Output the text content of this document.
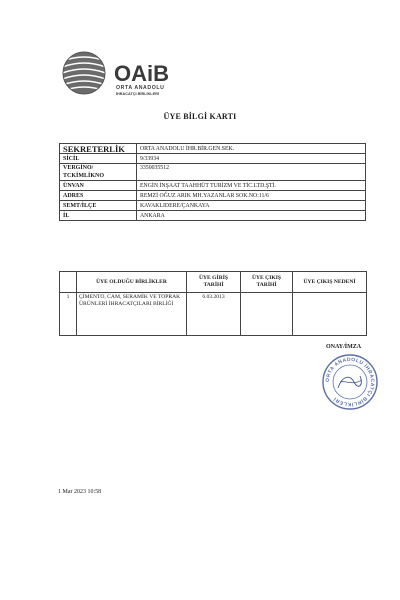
OAiB
ORTA ANADOLU
İHRACATÇI BİRLİKLERİ
ÜYE BİLGİ KARTI
SEKRETERLİK	ORTA ANADOLU İHR.BİR.GEN.SEK.
SİCİL	9/33934
VERGİNO/ TCKİMLİKNO	3350035512
ÜNVAN	ENGİN İNŞAAT TAAHHÜT TURİZM VE TİC.LTD.ŞTİ.
ADRES	REMZİ OĞUZ ARIK MH.YAZANLAR SOK.NO:11/6
SEMT/İLÇE	KAVAKLIDERE/ÇANKAYA
İL	ANKARA
	ÜYE OLDUĞU BİRLİKLER	ÜYE GİRİŞ TARİHİ	ÜYE ÇIKIŞ TARİHİ	ÜYE ÇIKIŞ NEDENİ
1	ÇİMENTO, CAM, SERAMİK VE TOPRAK ÜRÜNLERİ İHRACATÇILARI BİRLİĞİ	6.03.2013		
ONAY/İMZA
ORTA ANADOLU İHRACATÇI BİRLİKLERİ
1 Mar 2023 10:58
